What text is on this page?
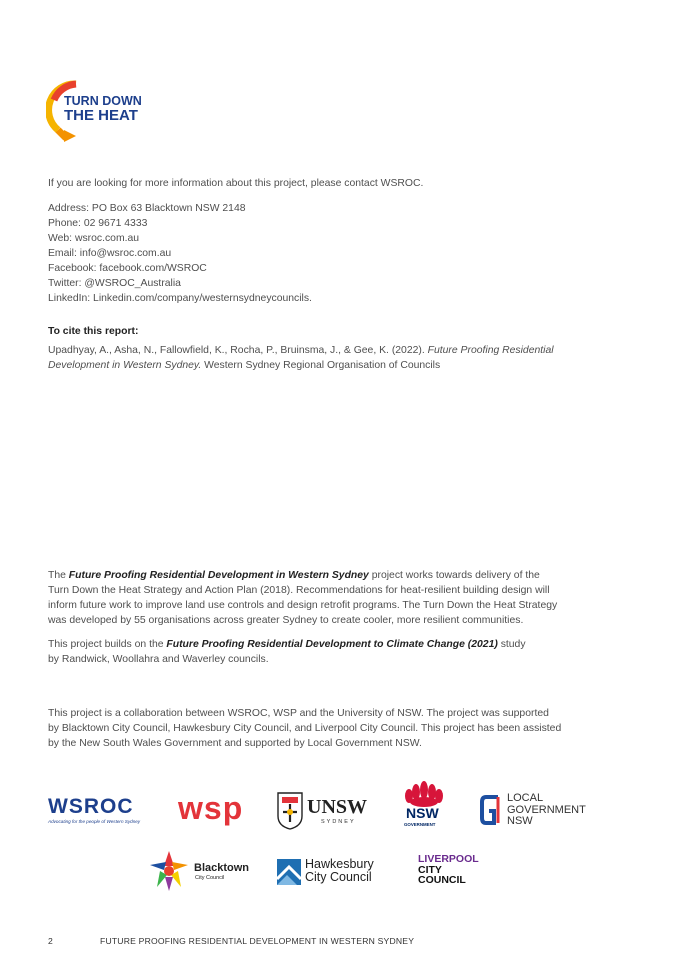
TURN DOWN
THE HEAT
If you are looking for more information about this project, please contact WSROC.
Address: PO Box 63 Blacktown NSW 2148
Phone: 02 9671 4333
Web: wsroc.com.au
Email: info@wsroc.com.au
Facebook: facebook.com/WSROC
Twitter: @WSROC_Australia
LinkedIn: Linkedin.com/company/westernsydneycouncils.
To cite this report:
Upadhyay, A., Asha, N., Fallowfield, K., Rocha, P., Bruinsma, J., & Gee, K. (2022). Future Proofing Residential
Development in Western Sydney. Western Sydney Regional Organisation of Councils
The Future Proofing Residential Development in Western Sydney project works towards delivery of the
Turn Down the Heat Strategy and Action Plan (2018). Recommendations for heat-resilient building design will
inform future work to improve land use controls and design retrofit programs. The Turn Down the Heat Strategy
was developed by 55 organisations across greater Sydney to create cooler, more resilient communities.
This project builds on the Future Proofing Residential Development to Climate Change (2021) study
by Randwick, Woollahra and Waverley councils.
This project is a collaboration between WSROC, WSP and the University of NSW. The project was supported
by Blacktown City Council, Hawkesbury City Council, and Liverpool City Council. This project has been assisted
by the New South Wales Government and supported by Local Government NSW.
WSROC
Advocating for the people of Western Sydney	wsp	UNSW
SYDNEY
NSW
GOVERNMENT
LOCAL
GOVERNMENT
NSW
Blacktown
City Council
Hawkesbury
City Council
LIVERPOOL
CITY
COUNCIL
2	FUTURE PROOFING RESIDENTIAL DEVELOPMENT IN WESTERN SYDNEY
